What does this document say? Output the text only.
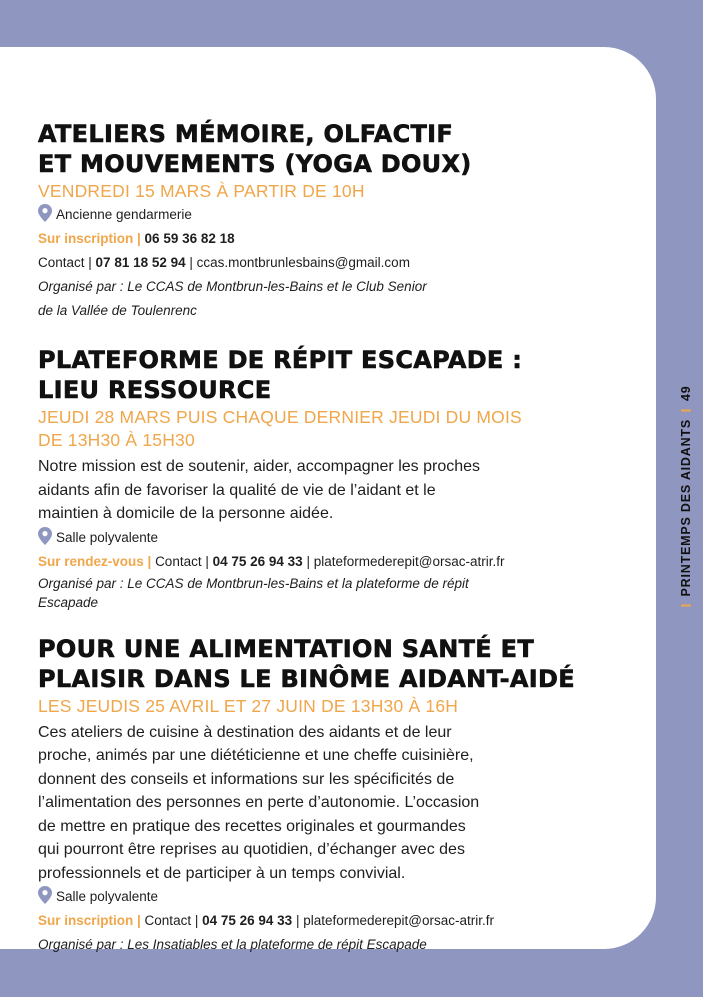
ATELIERS MÉMOIRE, OLFACTIF
ET MOUVEMENTS (YOGA DOUX)
VENDREDI 15 MARS À PARTIR DE 10H
Ancienne gendarmerie
Sur inscription | 06 59 36 82 18
Contact | 07 81 18 52 94 | ccas.montbrunlesbains@gmail.com
Organisé par : Le CCAS de Montbrun-les-Bains et le Club Senior
de la Vallée de Toulenrenc
PLATEFORME DE RÉPIT ESCAPADE :
LIEU RESSOURCE
JEUDI 28 MARS PUIS CHAQUE DERNIER JEUDI DU MOIS
DE 13H30 À 15H30
Notre mission est de soutenir, aider, accompagner les proches
aidants afin de favoriser la qualité de vie de l’aidant et le
maintien à domicile de la personne aidée.
Salle polyvalente
Sur rendez-vous | Contact | 04 75 26 94 33 | plateformederepit@orsac-atrir.fr
Organisé par : Le CCAS de Montbrun-les-Bains et la plateforme de répit
Escapade
POUR UNE ALIMENTATION SANTÉ ET
PLAISIR DANS LE BINÔME AIDANT-AIDÉ
LES JEUDIS 25 AVRIL ET 27 JUIN DE 13H30 À 16H
Ces ateliers de cuisine à destination des aidants et de leur
proche, animés par une diététicienne et une cheffe cuisinière,
donnent des conseils et informations sur les spécificités de
l’alimentation des personnes en perte d’autonomie. L’occasion
de mettre en pratique des recettes originales et gourmandes
qui pourront être reprises au quotidien, d’échanger avec des
professionnels et de participer à un temps convivial.
Salle polyvalente
Sur inscription | Contact | 04 75 26 94 33 | plateformederepit@orsac-atrir.fr
Organisé par : Les Insatiables et la plateforme de répit Escapade
PRINTEMPS DES AIDANTS49
